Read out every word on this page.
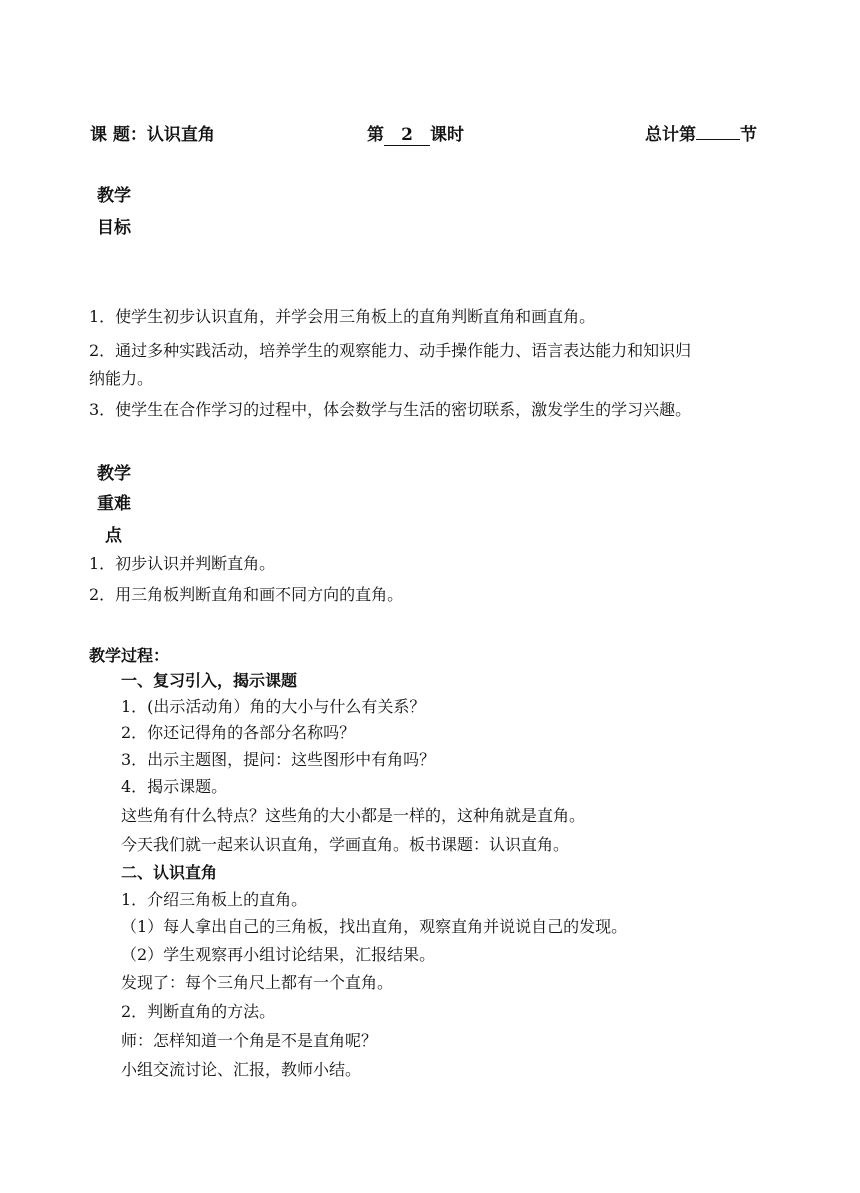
课 题：认识直角	第 2 课时	总计第	节
教学
目标
1．使学生初步认识直角，并学会用三角板上的直角判断直角和画直角。
2．通过多种实践活动，培养学生的观察能力、动手操作能力、语言表达能力和知识归
纳能力。
3．使学生在合作学习的过程中，体会数学与生活的密切联系，激发学生的学习兴趣。
教学
重难
点
1．初步认识并判断直角。
2．用三角板判断直角和画不同方向的直角。
教学过程：
一、复习引入，揭示课题
1．(出示活动角）角的大小与什么有关系？
2．你还记得角的各部分名称吗？
3．出示主题图，提问：这些图形中有角吗？
4．揭示课题。
这些角有什么特点？这些角的大小都是一样的，这种角就是直角。
今天我们就一起来认识直角，学画直角。板书课题：认识直角。
二、认识直角
1．介绍三角板上的直角。
（1）每人拿出自己的三角板，找出直角，观察直角并说说自己的发现。
（2）学生观察再小组讨论结果，汇报结果。
发现了：每个三角尺上都有一个直角。
2．判断直角的方法。
师：怎样知道一个角是不是直角呢？
小组交流讨论、汇报，教师小结。
